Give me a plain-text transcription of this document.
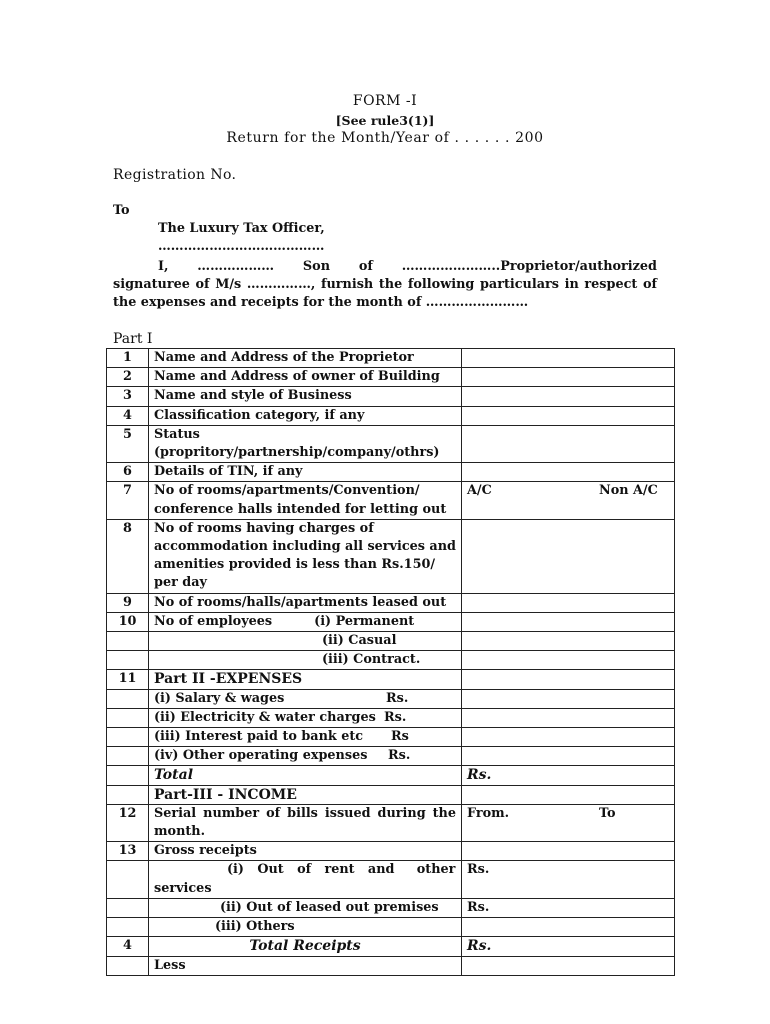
FORM -I
[See rule3(1)]
Return for the Month/Year of . . . . . . 200
Registration No.
To
The Luxury Tax Officer,
…………………………………
I, ……………… Son of …………………..Proprietor/authorized
signaturee of M/s ……………, furnish the following particulars in respect of the expenses and receipts for the month of ……………………
Part I
1	Name and Address of the Proprietor	
2	Name and Address of owner of Building	
3	Name and style of Business	
4	Classification category, if any	
5	Status
(propritory/partnership/company/othrs)	

6	Details of TIN, if any	
7	No of rooms/apartments/Convention/ conference halls intended for letting out	A/C Non A/C
8	No of rooms having charges of accommodation including all services and amenities provided is less than Rs.150/ per day	
9	No of rooms/halls/apartments leased out	
10	No of employees (i) Permanent	
	(ii) Casual	
	(iii) Contract.	
11	Part II -EXPENSES	
	(i) Salary & wages Rs.	
	(ii) Electricity & water charges Rs.	
	(iii) Interest paid to bank etc Rs	
	(iv) Other operating expenses Rs.	
	Total	Rs.
	Part-III - INCOME	
12	Serial number of bills issued during the month.	From. To
13	Gross receipts	

	(i)   Out   of   rent   and     other
services	Rs.
	(ii) Out of leased out premises	Rs.
	(iii) Others	
4	Total Receipts	Rs.
	Less	
